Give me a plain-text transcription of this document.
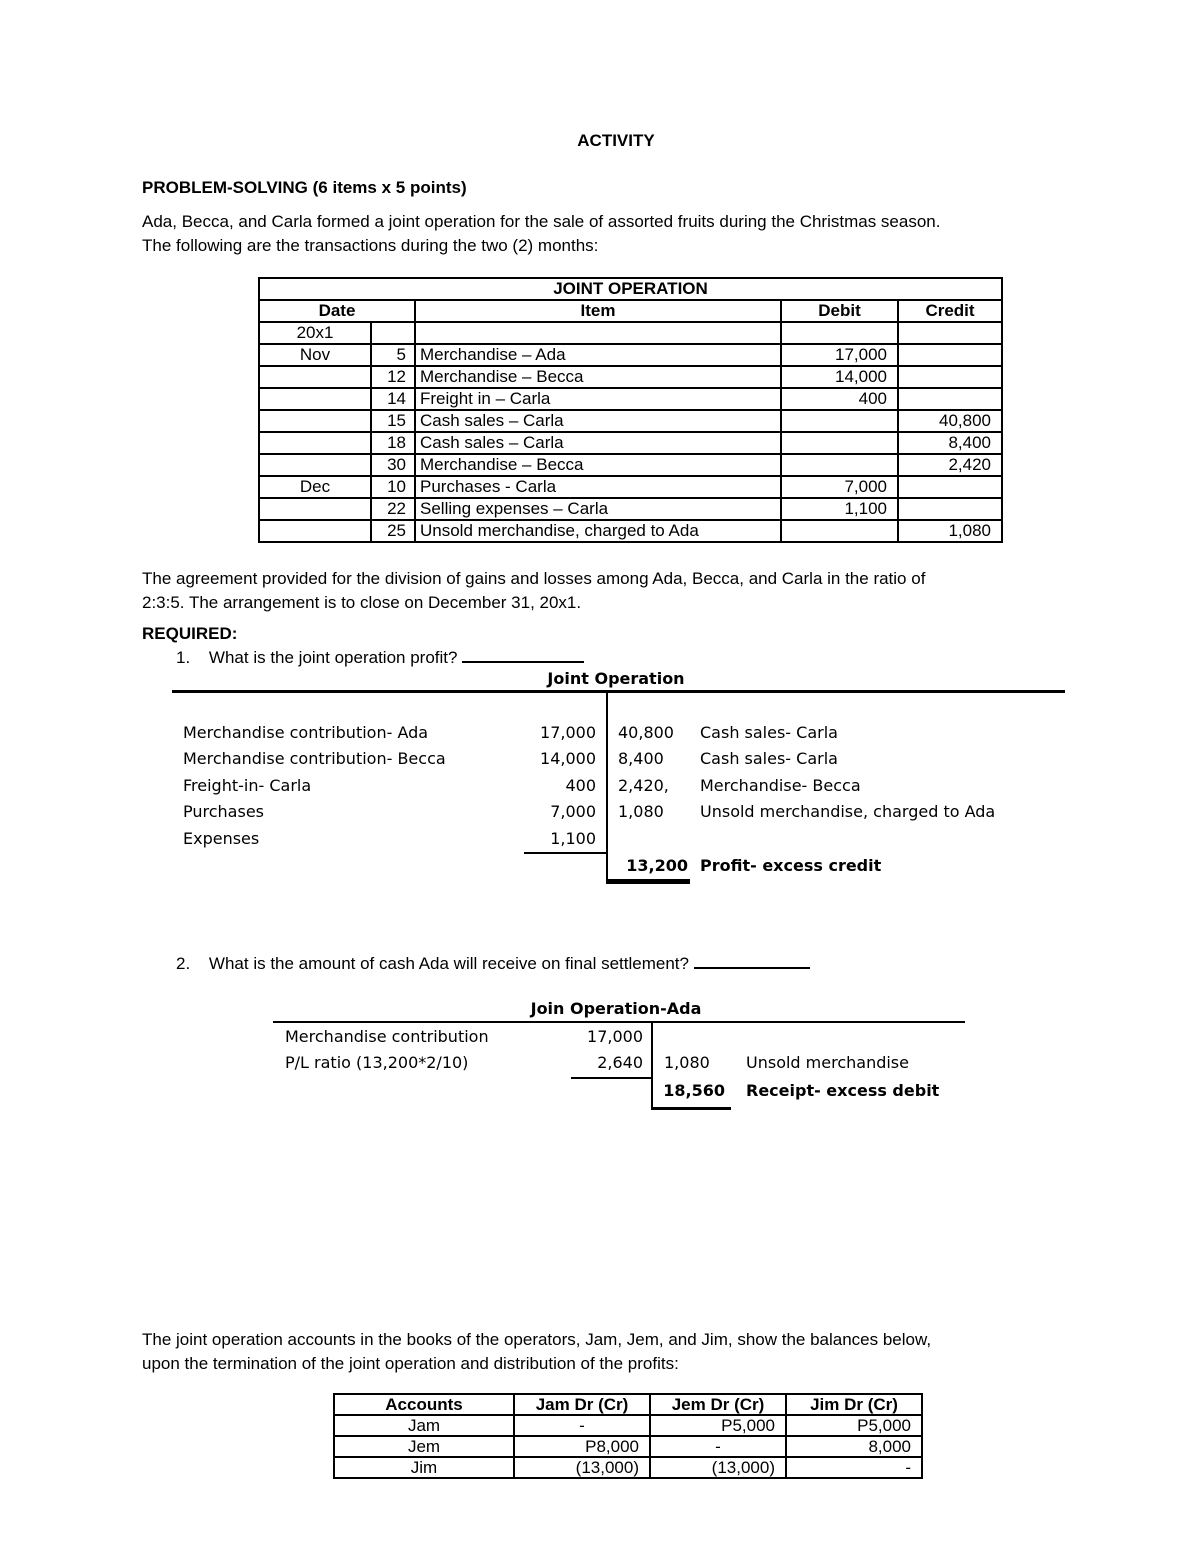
ACTIVITY
PROBLEM-SOLVING (6 items x 5 points)
Ada, Becca, and Carla formed a joint operation for the sale of assorted fruits during the Christmas season.
The following are the transactions during the two (2) months:
JOINT OPERATION				
Date		Item	Debit	Credit
20x1				
Nov	5	Merchandise – Ada	17,000	
	12	Merchandise – Becca	14,000	
	14	Freight in – Carla	400	
	15	Cash sales – Carla		40,800
	18	Cash sales – Carla		8,400
	30	Merchandise – Becca		2,420
Dec	10	Purchases - Carla	7,000	
	22	Selling expenses – Carla	1,100	
	25	Unsold merchandise, charged to Ada		1,080
The agreement provided for the division of gains and losses among Ada, Becca, and Carla in the ratio of
2:3:5. The arrangement is to close on December 31, 20x1.
REQUIRED:
1. What is the joint operation profit?
Joint Operation
Merchandise contribution- Ada	17,000 40,800	Cash sales- Carla
Merchandise contribution- Becca	14,000 8,400	Cash sales- Carla
Freight-in- Carla	400 2,420,	Merchandise- Becca
Purchases	7,000 1,080	Unsold merchandise, charged to Ada
Expenses	1,100
13,200 Profit- excess credit
2. What is the amount of cash Ada will receive on final settlement?
Join Operation-Ada
Merchandise contribution	17,000
P/L ratio (13,200*2/10)	2,640 1,080 Unsold merchandise
18,560 Receipt- excess debit
The joint operation accounts in the books of the operators, Jam, Jem, and Jim, show the balances below,
upon the termination of the joint operation and distribution of the profits:
Accounts	Jam Dr (Cr)	Jem Dr (Cr)	Jim Dr (Cr)
Jam	-	P5,000	P5,000
Jem	P8,000	-	8,000
Jim	(13,000)	(13,000)	-
